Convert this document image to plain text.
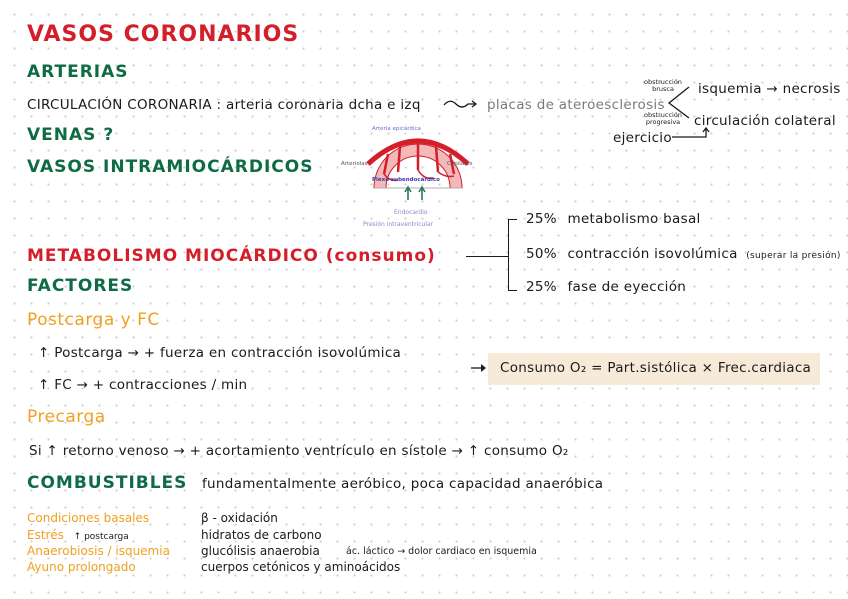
VASOS CORONARIOS
ARTERIAS
CIRCULACIÓN CORONARIA : arteria coronaria dcha e izq	placas de ateroesclerosis
obstrucción brusca
obstrucción progresiva
isquemia → necrosis
circulación colateral
ejercicio
VENAS ?
VASOS INTRAMIOCÁRDICOS
Arteria epicárdica
Arteriolas	Capilares
Plexo subendocárdico
Endocardio
Presión intraventricular
METABOLISMO MIOCÁRDICO (consumo)
25% metabolismo basal
50% contracción isovolúmica (superar la presión)
25% fase de eyección
FACTORES
Postcarga y FC
↑ Postcarga → + fuerza en contracción isovolúmica
↑ FC → + contracciones / min
Consumo O₂ = Part.sistólica × Frec.cardiaca
Precarga
Si ↑ retorno venoso → + acortamiento ventrículo en sístole → ↑ consumo O₂
COMBUSTIBLES fundamentalmente aeróbico, poca capacidad anaeróbica
Condiciones basales	β - oxidación
Estrés ↑ postcarga	hidratos de carbono
Anaerobiosis / isquemia	glucólisis anaerobia	ác. láctico → dolor cardiaco en isquemia
Ayuno prolongado	cuerpos cetónicos y aminoácidos
